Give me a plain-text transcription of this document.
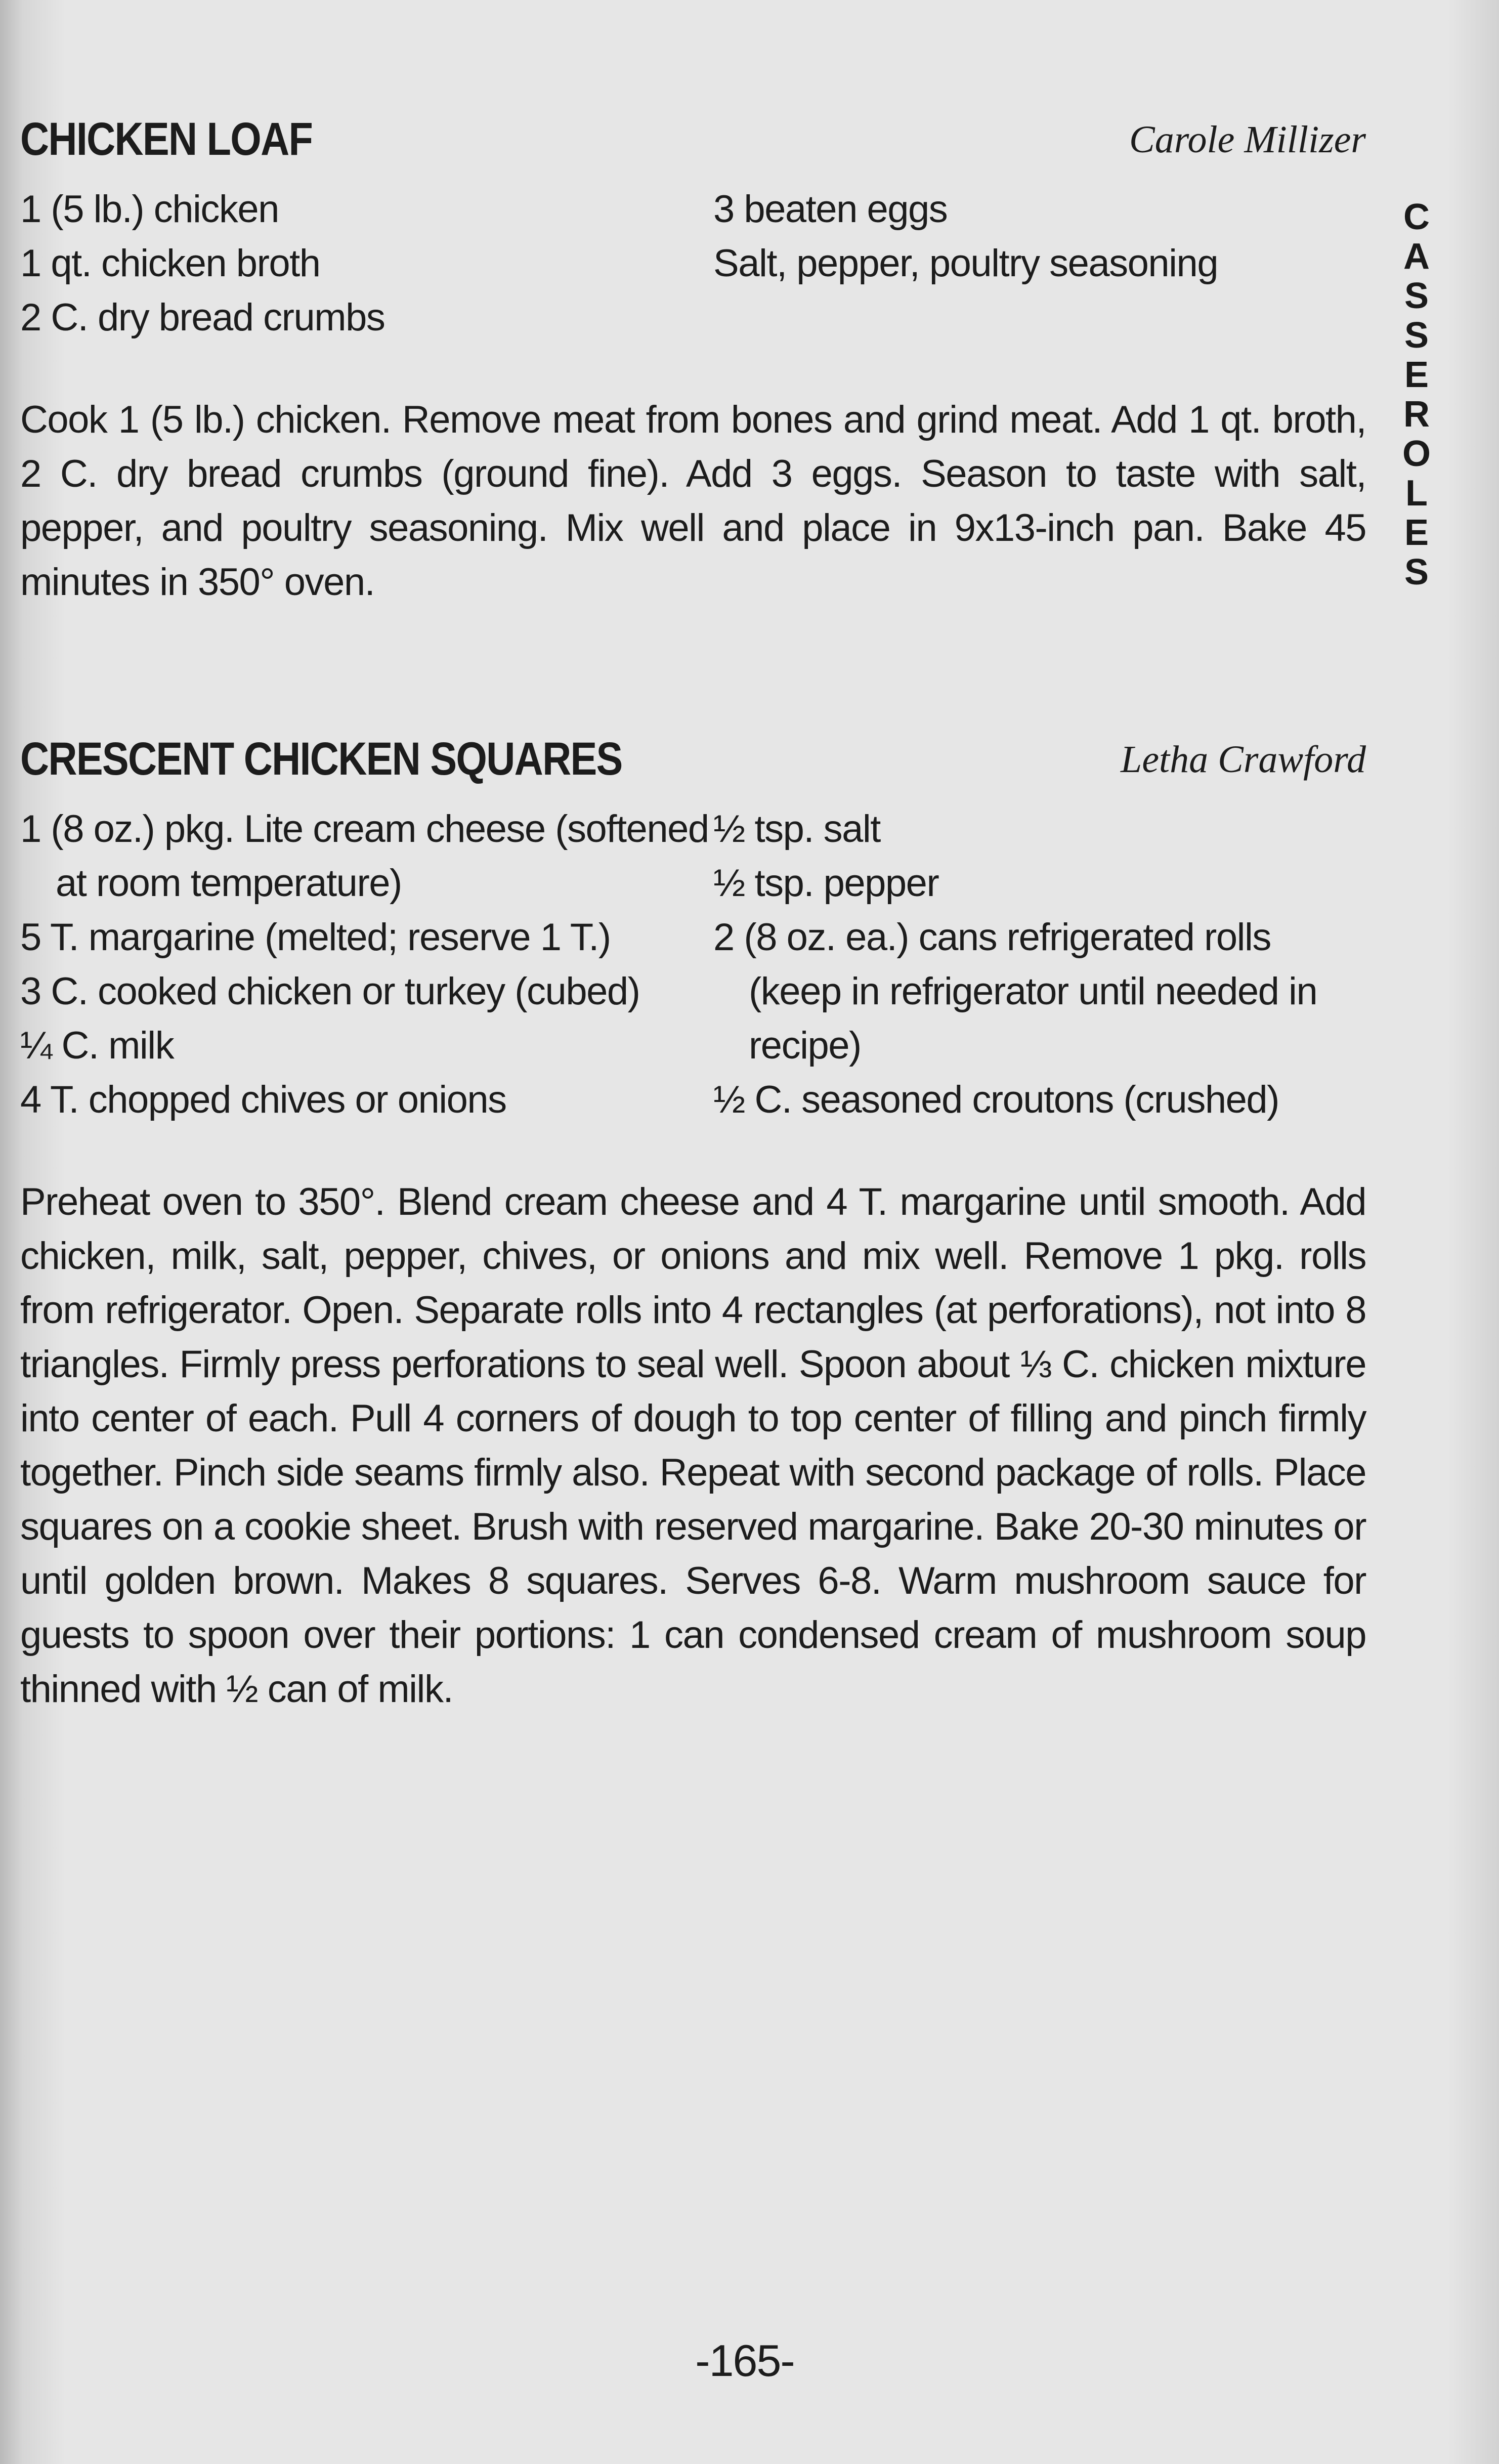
CHICKEN LOAF	Carole Millizer
1 (5 lb.) chicken
1 qt. chicken broth
2 C. dry bread crumbs
3 beaten eggs
Salt, pepper, poultry seasoning

Cook 1 (5 lb.) chicken. Remove meat from bones and grind meat. Add 1 qt. broth, 2 C. dry bread crumbs (ground fine). Add 3 eggs. Season to taste with salt, pepper, and poultry seasoning. Mix well and place in 9x13-inch pan. Bake 45 minutes in 350° oven.

CRESCENT CHICKEN SQUARES	Letha Crawford
1 (8 oz.) pkg. Lite cream cheese (softened at room temperature)
5 T. margarine (melted; reserve 1 T.)
3 C. cooked chicken or turkey (cubed)
¼ C. milk
4 T. chopped chives or onions
½ tsp. salt
½ tsp. pepper
2 (8 oz. ea.) cans refrigerated rolls (keep in refrigerator until needed in recipe)
½ C. seasoned croutons (crushed)

Preheat oven to 350°. Blend cream cheese and 4 T. margarine until smooth. Add chicken, milk, salt, pepper, chives, or onions and mix well. Remove 1 pkg. rolls from refrigerator. Open. Separate rolls into 4 rectangles (at perforations), not into 8 triangles. Firmly press perforations to seal well. Spoon about ⅓ C. chicken mixture into center of each. Pull 4 corners of dough to top center of filling and pinch firmly together. Pinch side seams firmly also. Repeat with second package of rolls. Place squares on a cookie sheet. Brush with reserved margarine. Bake 20-30 minutes or until golden brown. Makes 8 squares. Serves 6-8. Warm mushroom sauce for guests to spoon over their portions: 1 can condensed cream of mushroom soup thinned with ½ can of milk.

C
A
S
S
E
R
O
L
E
S
-165-
